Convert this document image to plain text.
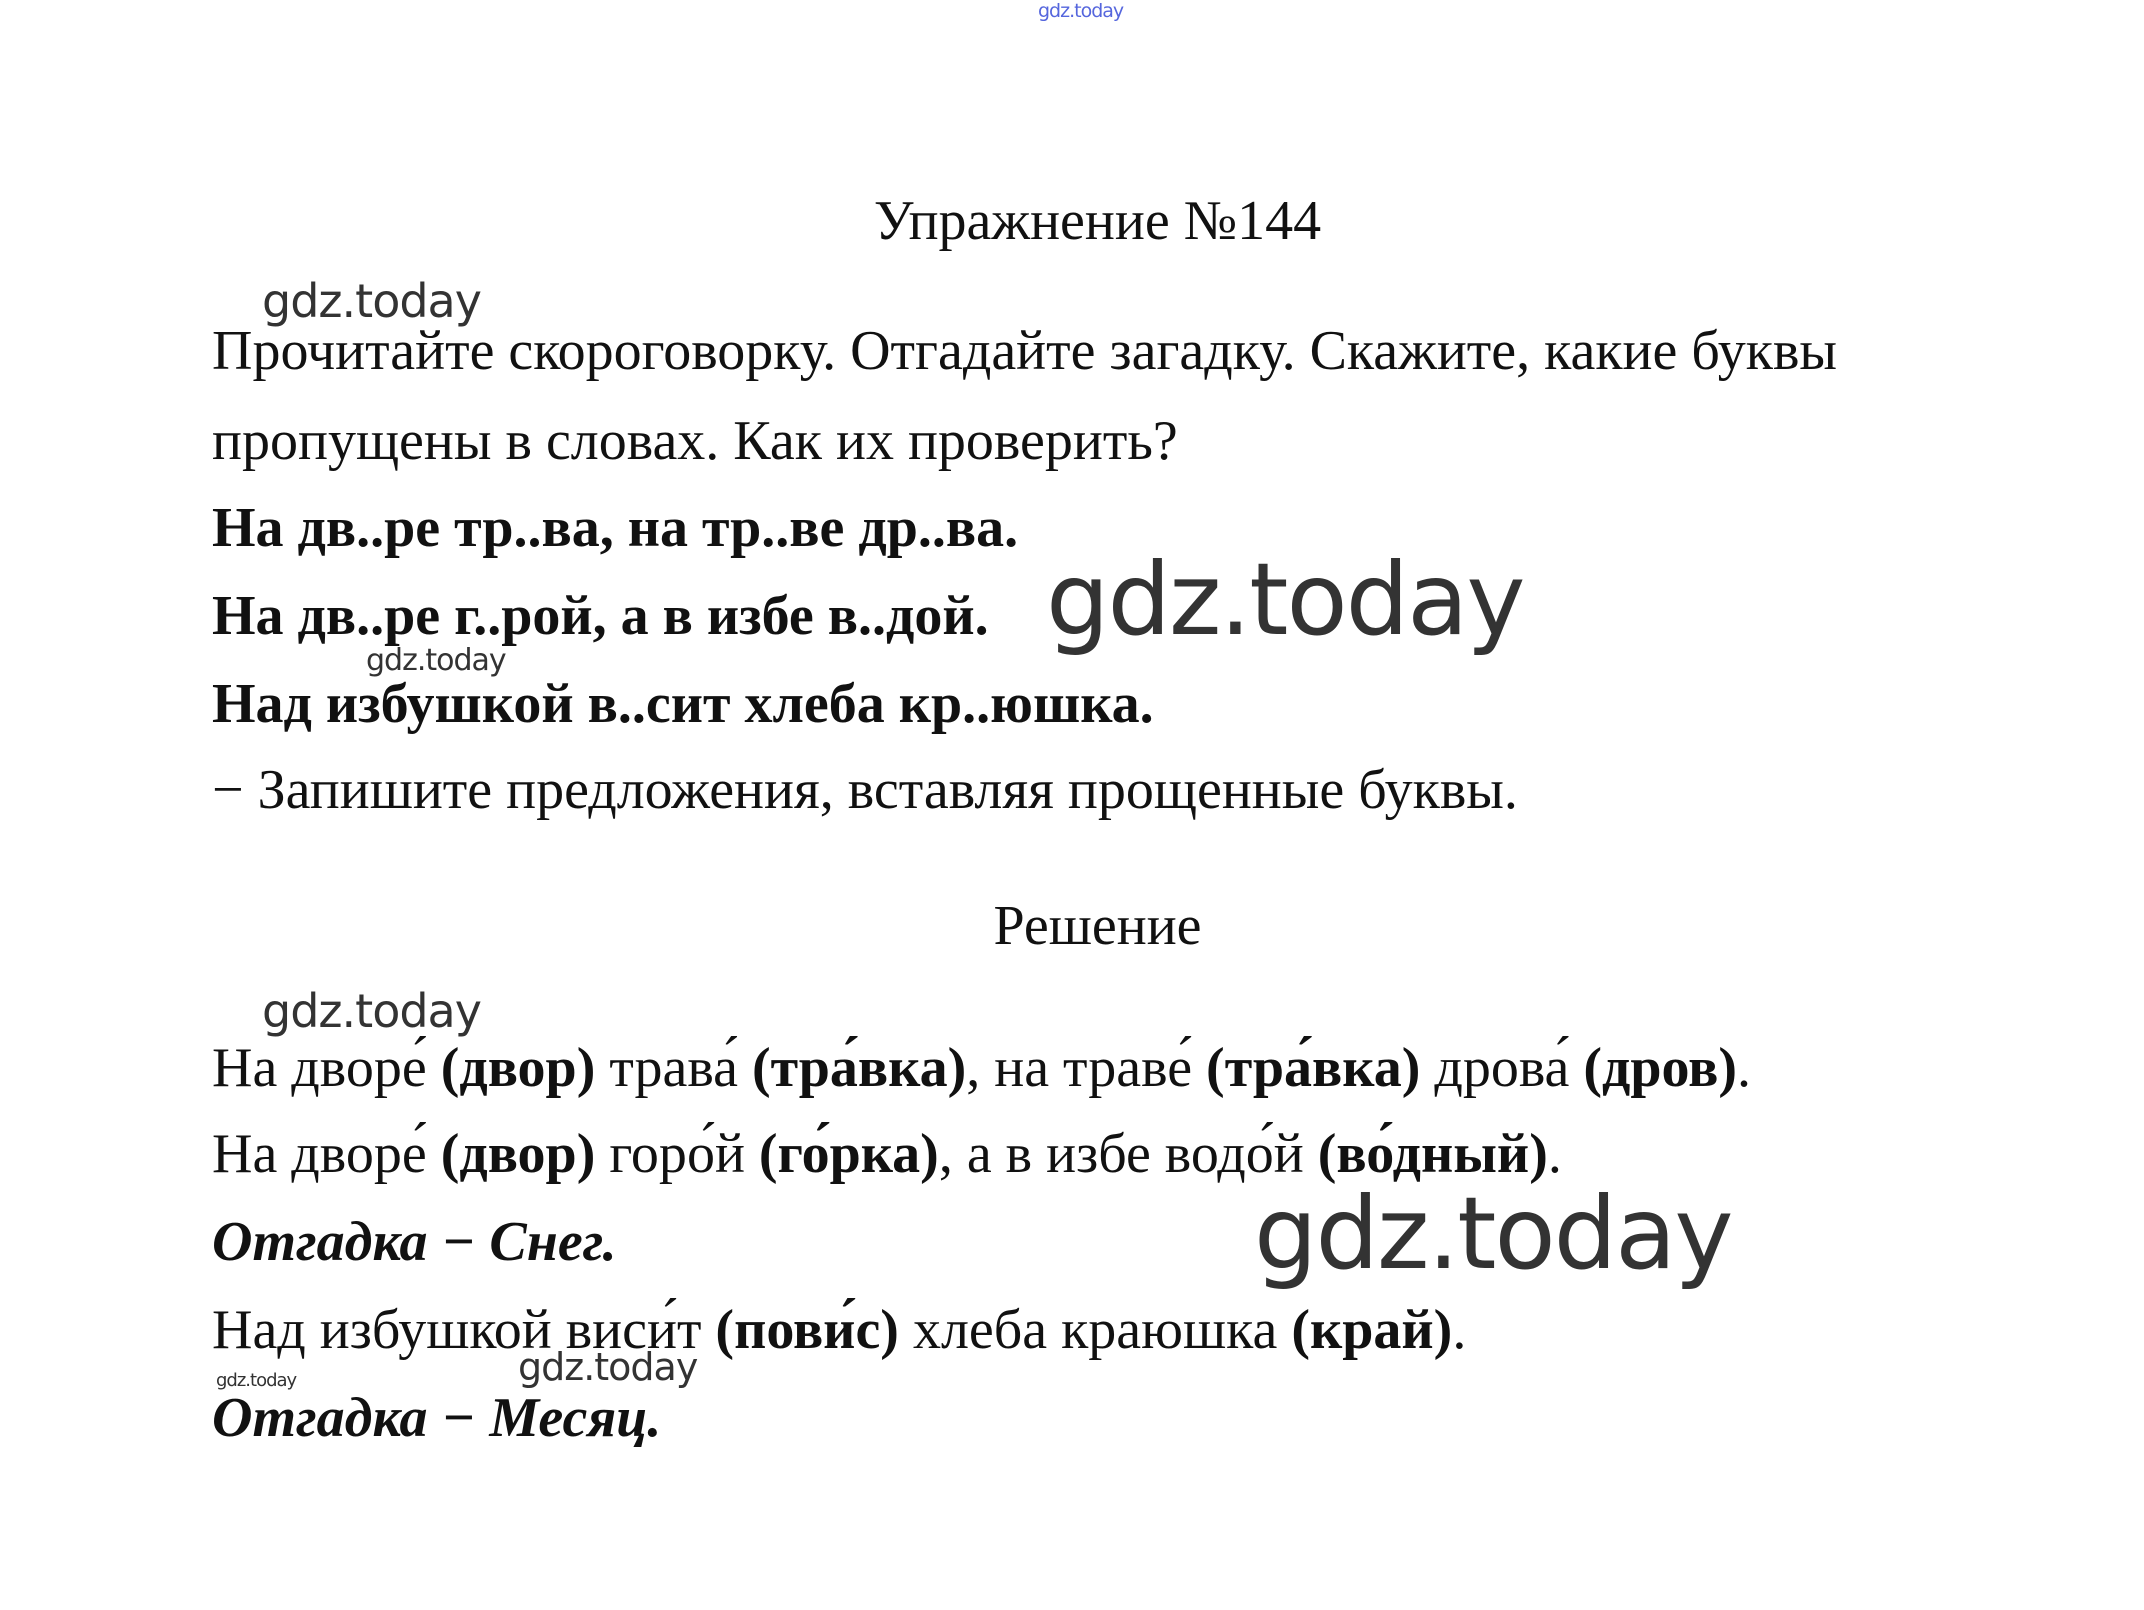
gdz.today
Упражнение №144
gdz.today
Прочитайте скороговорку. Отгадайте загадку. Скажите, какие буквы
пропущены в словах. Как их проверить?
На дв..ре тр..ва, на тр..ве др..ва.
На дв..ре г..рой, а в избе в..дой. gdz.today
gdz.today
Над избушкой в..сит хлеба кр..юшка.
− Запишите предложения, вставляя прощенные буквы.
Решение
gdz.today
На дворе́ (двор) трава́ (тра́вка), на траве́ (тра́вка) дрова́ (дров).
На дворе́ (двор) горо́й (го́рка), а в избе водо́й (во́дный).
Отгадка − Снег.	gdz.today
Над избушкой виси́т (пови́с) хлеба краюшка (край).
gdz.today
gdz.today
Отгадка − Месяц.
